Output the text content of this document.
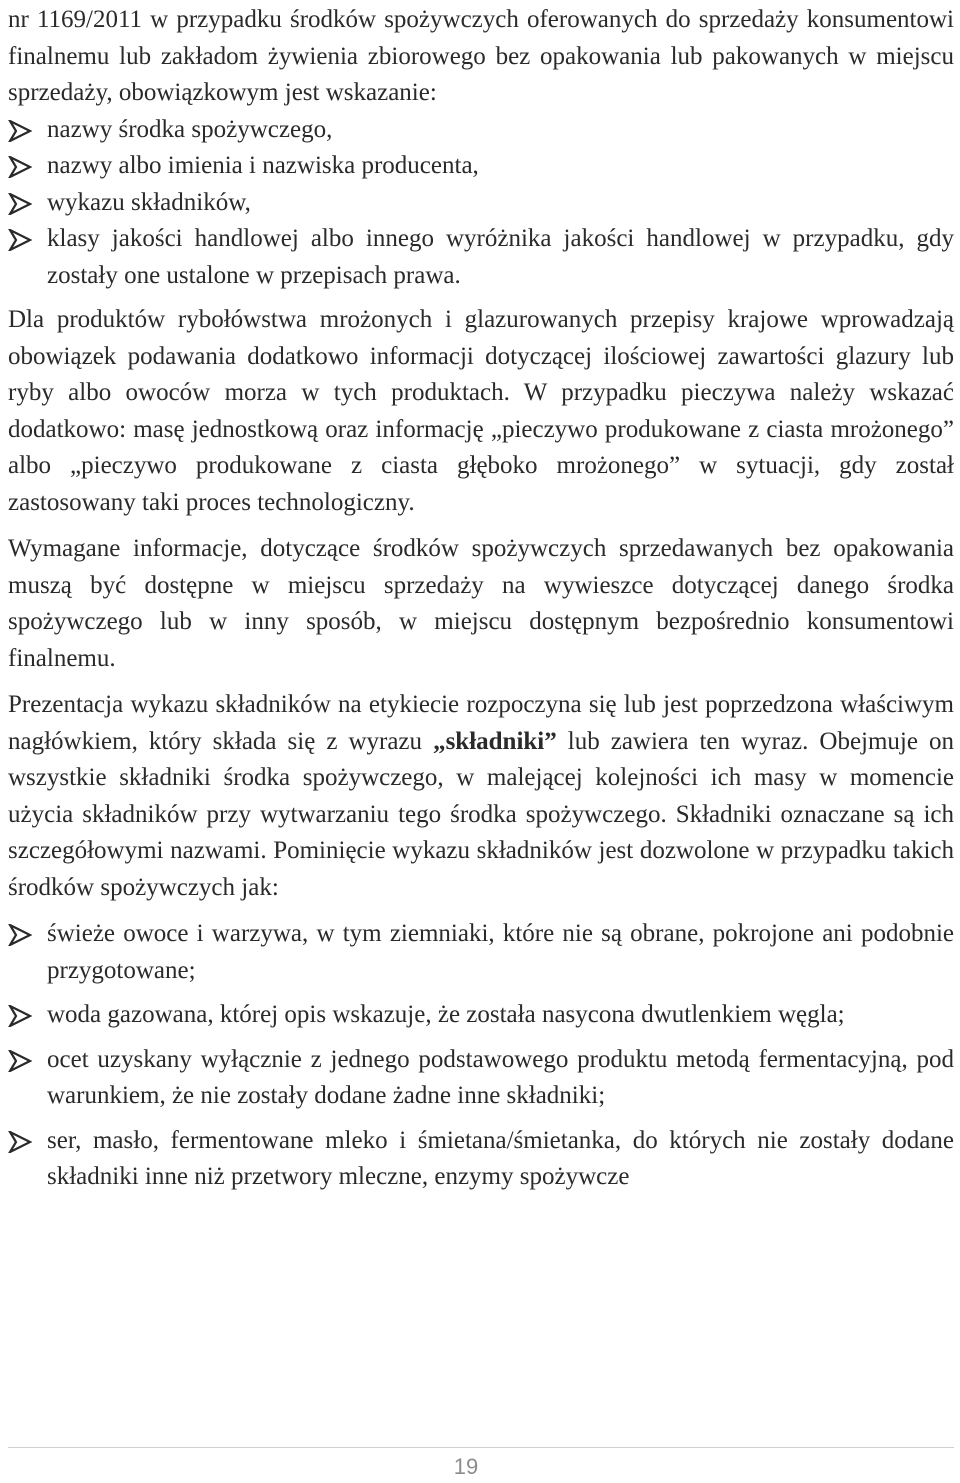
nr 1169/2011 w przypadku środków spożywczych oferowanych do sprzedaży konsumentowi finalnemu lub zakładom żywienia zbiorowego bez opakowania lub pakowanych w miejscu sprzedaży, obowiązkowym jest wskazanie:

nazwy środka spożywczego,
nazwy albo imienia i nazwiska producenta,
wykazu składników,
klasy jakości handlowej albo innego wyróżnika jakości handlowej w przypadku, gdy zostały one ustalone w przepisach prawa.

Dla produktów rybołówstwa mrożonych i glazurowanych przepisy krajowe wprowadzają obowiązek podawania dodatkowo informacji dotyczącej ilościowej zawartości glazury lub ryby albo owoców morza w tych produktach. W przypadku pieczywa należy wskazać dodatkowo: masę jednostkową oraz informację „pieczywo produkowane z ciasta mrożonego” albo „pieczywo produkowane z ciasta głęboko mrożonego” w sytuacji, gdy został zastosowany taki proces technologiczny.

Wymagane informacje, dotyczące środków spożywczych sprzedawanych bez opakowania muszą być dostępne w miejscu sprzedaży na wywieszce dotyczącej danego środka spożywczego lub w inny sposób, w miejscu dostępnym bezpośrednio konsumentowi finalnemu.

Prezentacja wykazu składników na etykiecie rozpoczyna się lub jest poprzedzona właściwym nagłówkiem, który składa się z wyrazu „składniki” lub zawiera ten wyraz. Obejmuje on wszystkie składniki środka spożywczego, w malejącej kolejności ich masy w momencie użycia składników przy wytwarzaniu tego środka spożywczego. Składniki oznaczane są ich szczegółowymi nazwami. Pominięcie wykazu składników jest dozwolone w przypadku takich środków spożywczych jak:

świeże owoce i warzywa, w tym ziemniaki, które nie są obrane, pokrojone ani podobnie przygotowane;
woda gazowana, której opis wskazuje, że została nasycona dwutlenkiem węgla;
ocet uzyskany wyłącznie z jednego podstawowego produktu metodą fermentacyjną, pod warunkiem, że nie zostały dodane żadne inne składniki;
ser, masło, fermentowane mleko i śmietana/śmietanka, do których nie zostały dodane składniki inne niż przetwory mleczne, enzymy spożywcze
19
